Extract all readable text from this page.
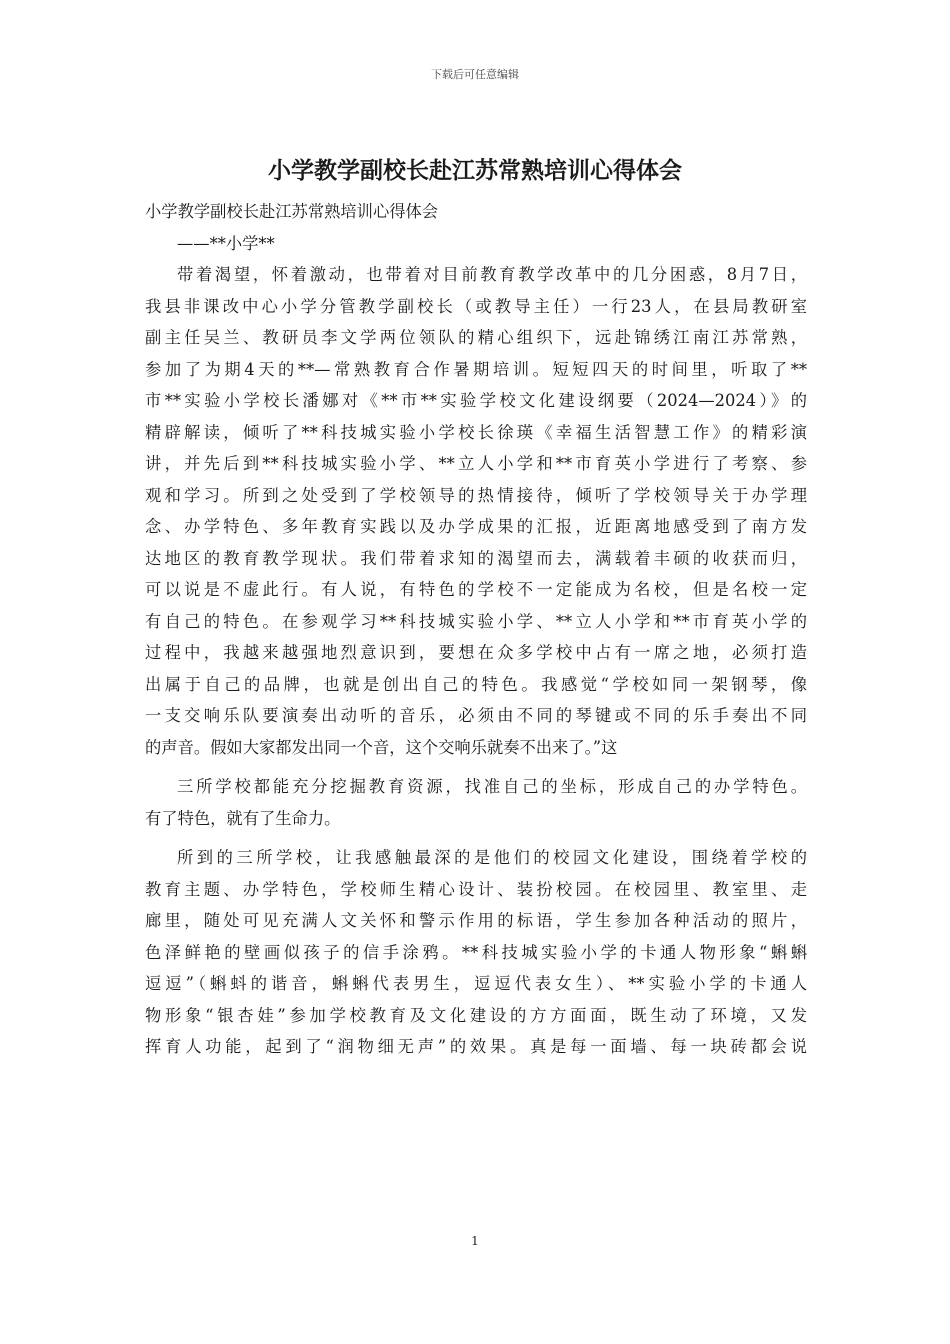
下载后可任意编辑
小学教学副校长赴江苏常熟培训心得体会

小学教学副校长赴江苏常熟培训心得体会

——**小学**

带着渴望，怀着激动，也带着对目前教育教学改革中的几分困惑，8月7日，
我县非课改中心小学分管教学副校长（或教导主任）一行23人，在县局教研室
副主任吴兰、教研员李文学两位领队的精心组织下，远赴锦绣江南江苏常熟，
参加了为期4天的**—常熟教育合作暑期培训。短短四天的时间里，听取了**
市**实验小学校长潘娜对《**市**实验学校文化建设纲要（2024—2024）》的
精辟解读，倾听了**科技城实验小学校长徐瑛《幸福生活智慧工作》的精彩演
讲，并先后到**科技城实验小学、**立人小学和**市育英小学进行了考察、参
观和学习。所到之处受到了学校领导的热情接待，倾听了学校领导关于办学理
念、办学特色、多年教育实践以及办学成果的汇报，近距离地感受到了南方发
达地区的教育教学现状。我们带着求知的渴望而去，满载着丰硕的收获而归，
可以说是不虚此行。有人说，有特色的学校不一定能成为名校，但是名校一定
有自己的特色。在参观学习**科技城实验小学、**立人小学和**市育英小学的
过程中，我越来越强地烈意识到，要想在众多学校中占有一席之地，必须打造
出属于自己的品牌，也就是创出自己的特色。我感觉“学校如同一架钢琴，像
一支交响乐队要演奏出动听的音乐，必须由不同的琴键或不同的乐手奏出不同
的声音。假如大家都发出同一个音，这个交响乐就奏不出来了。”这

三所学校都能充分挖掘教育资源，找准自己的坐标，形成自己的办学特色。
有了特色，就有了生命力。

所到的三所学校，让我感触最深的是他们的校园文化建设，围绕着学校的
教育主题、办学特色，学校师生精心设计、装扮校园。在校园里、教室里、走
廊里，随处可见充满人文关怀和警示作用的标语，学生参加各种活动的照片，
色泽鲜艳的壁画似孩子的信手涂鸦。**科技城实验小学的卡通人物形象“蝌蝌
逗逗”（蝌蚪的谐音，蝌蝌代表男生，逗逗代表女生）、**实验小学的卡通人
物形象“银杏娃”参加学校教育及文化建设的方方面面，既生动了环境，又发
挥育人功能，起到了“润物细无声”的效果。真是每一面墙、每一块砖都会说

1
